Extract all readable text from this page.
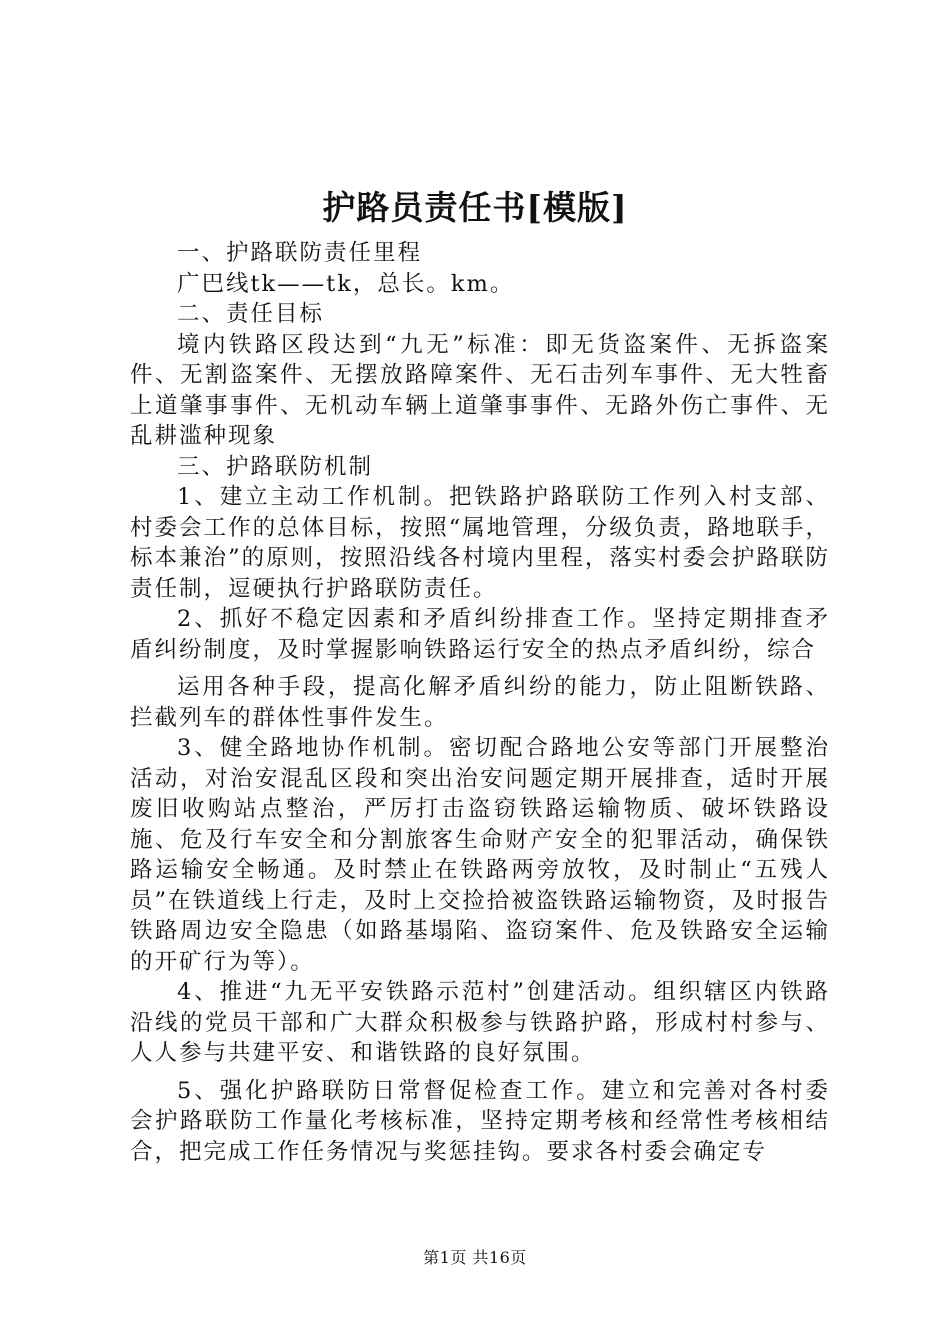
护路员责任书[模版]

一、护路联防责任里程

广巴线tk——tk，总长。km。

二、责任目标

境内铁路区段达到“九无”标准：即无货盗案件、无拆盗案件、无割盗案件、无摆放路障案件、无石击列车事件、无大牲畜上道肇事事件、无机动车辆上道肇事事件、无路外伤亡事件、无乱耕滥种现象

三、护路联防机制

1、建立主动工作机制。把铁路护路联防工作列入村支部、村委会工作的总体目标，按照“属地管理，分级负责，路地联手，标本兼治”的原则，按照沿线各村境内里程，落实村委会护路联防责任制，逗硬执行护路联防责任。

2、抓好不稳定因素和矛盾纠纷排查工作。坚持定期排查矛盾纠纷制度，及时掌握影响铁路运行安全的热点矛盾纠纷，综合

运用各种手段，提高化解矛盾纠纷的能力，防止阻断铁路、拦截列车的群体性事件发生。

3、健全路地协作机制。密切配合路地公安等部门开展整治活动，对治安混乱区段和突出治安问题定期开展排查，适时开展废旧收购站点整治，严厉打击盗窃铁路运输物质、破坏铁路设施、危及行车安全和分割旅客生命财产安全的犯罪活动，确保铁路运输安全畅通。及时禁止在铁路两旁放牧，及时制止“五残人员”在铁道线上行走，及时上交捡拾被盗铁路运输物资，及时报告铁路周边安全隐患（如路基塌陷、盗窃案件、危及铁路安全运输的开矿行为等）。

4、推进“九无平安铁路示范村”创建活动。组织辖区内铁路沿线的党员干部和广大群众积极参与铁路护路，形成村村参与、人人参与共建平安、和谐铁路的良好氛围。

5、强化护路联防日常督促检查工作。建立和完善对各村委会护路联防工作量化考核标准，坚持定期考核和经常性考核相结合，把完成工作任务情况与奖惩挂钩。要求各村委会确定专

第1页 共16页
